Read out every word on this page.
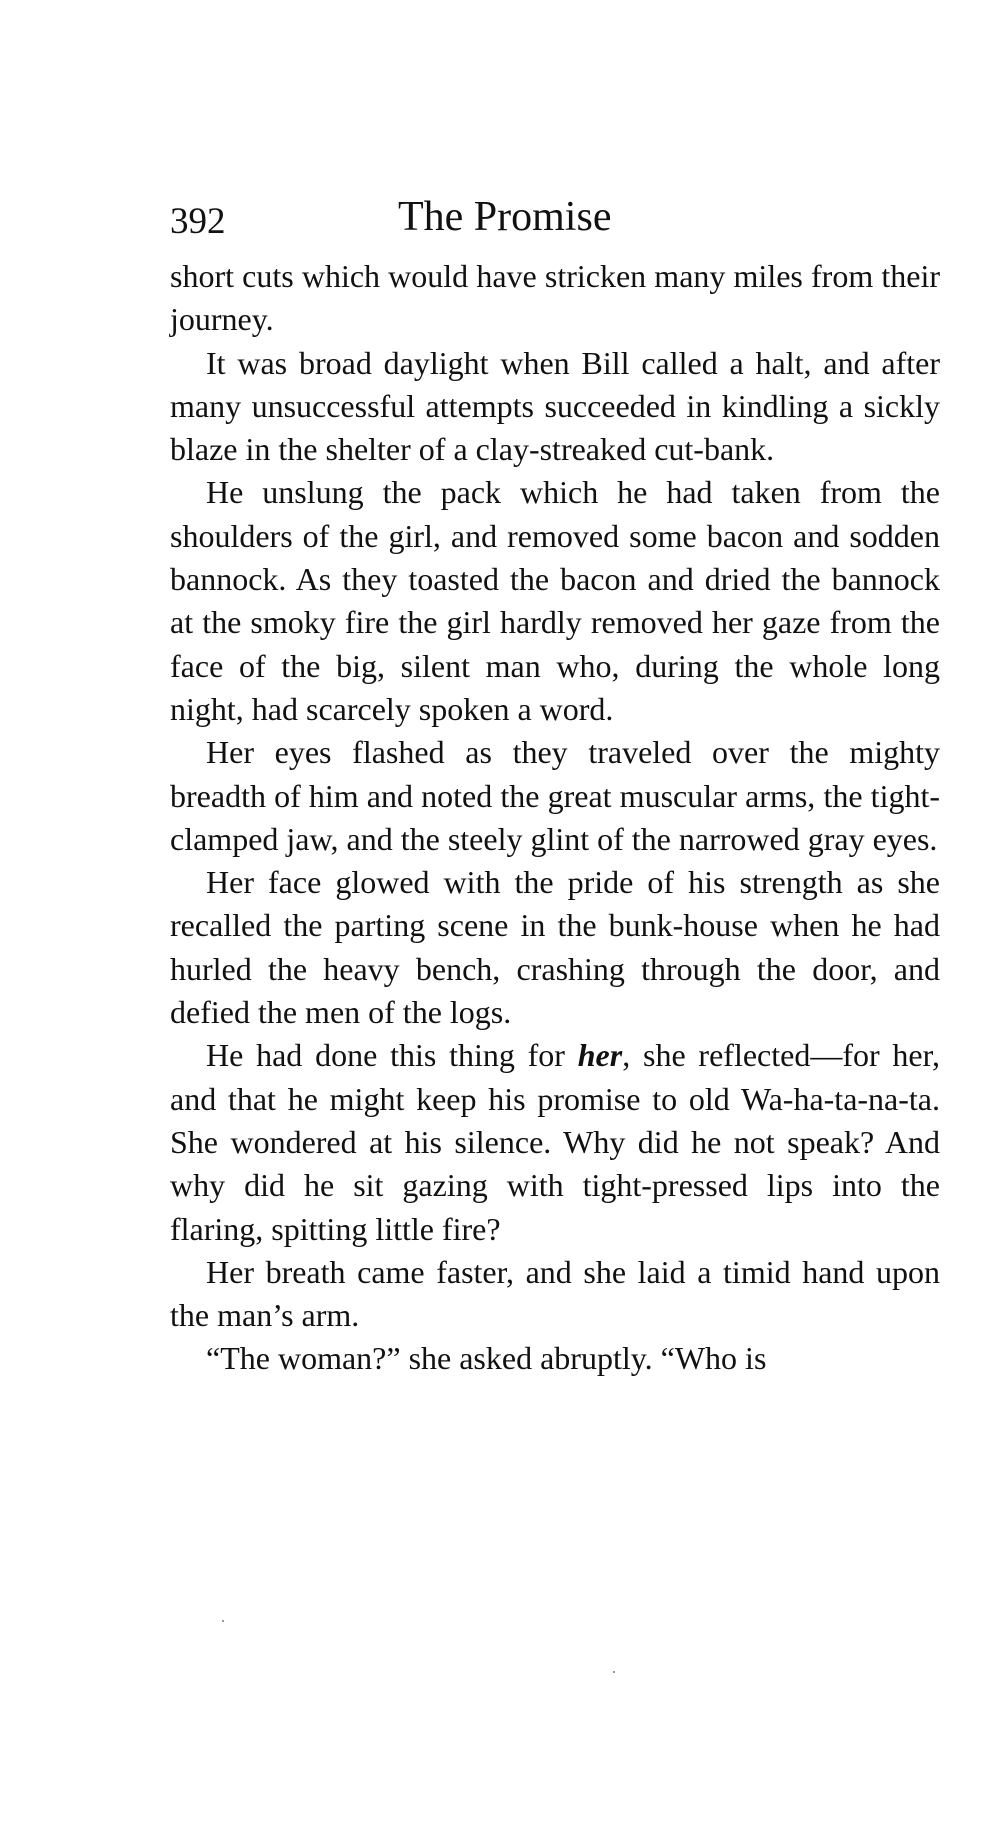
392	The Promise

short cuts which would have stricken many miles from their journey.

It was broad daylight when Bill called a halt, and after many unsuccessful attempts succeeded in kindling a sickly blaze in the shelter of a clay-streaked cut-bank.

He unslung the pack which he had taken from the shoulders of the girl, and removed some bacon and sodden bannock. As they toasted the bacon and dried the bannock at the smoky fire the girl hardly removed her gaze from the face of the big, silent man who, during the whole long night, had scarcely spoken a word.

Her eyes flashed as they traveled over the mighty breadth of him and noted the great muscular arms, the tight-clamped jaw, and the steely glint of the narrowed gray eyes.

Her face glowed with the pride of his strength as she recalled the parting scene in the bunk-house when he had hurled the heavy bench, crashing through the door, and defied the men of the logs.

He had done this thing for her, she reflected—for her, and that he might keep his promise to old Wa-ha-ta-na-ta. She wondered at his silence. Why did he not speak? And why did he sit gazing with tight-pressed lips into the flaring, spitting little fire?

Her breath came faster, and she laid a timid hand upon the man’s arm.

“The woman?” she asked abruptly. “Who is
